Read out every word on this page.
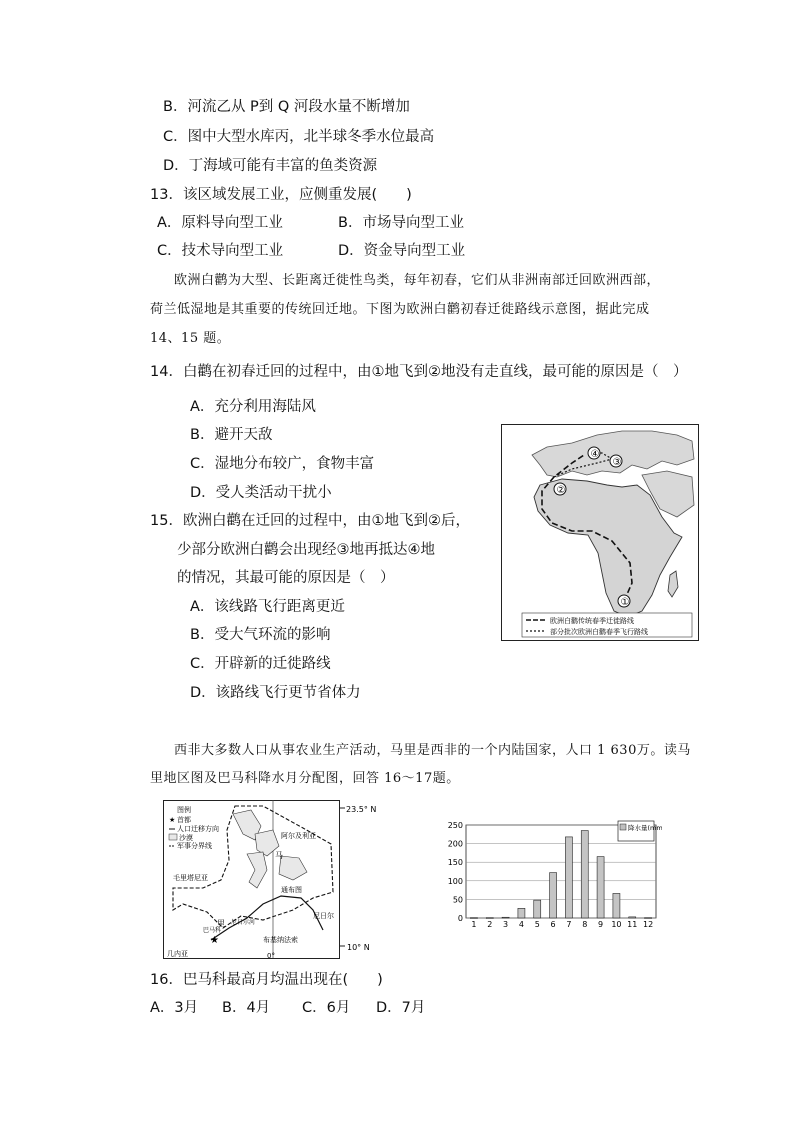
B．河流乙从 P到 Q 河段水量不断增加
C．图中大型水库丙，北半球冬季水位最高
D．丁海域可能有丰富的鱼类资源
13．该区域发展工业，应侧重发展(　　)
A．原料导向型工业	B．市场导向型工业
C．技术导向型工业	D．资金导向型工业
欧洲白鹳为大型、长距离迁徙性鸟类，每年初春，它们从非洲南部迁回欧洲西部，
荷兰低湿地是其重要的传统回迁地。下图为欧洲白鹳初春迁徙路线示意图，据此完成
14、15 题。
14．白鹳在初春迁回的过程中，由①地飞到②地没有走直线，最可能的原因是（　）
A．充分利用海陆风
B．避开天敌
C．湿地分布较广，食物丰富
D．受人类活动干扰小
15．欧洲白鹳在迁回的过程中，由①地飞到②后，
少部分欧洲白鹳会出现经③地再抵达④地
的情况，其最可能的原因是（　）
A．该线路飞行距离更近
B．受大气环流的影响
C．开辟新的迁徙路线
D．该路线飞行更节省体力
①
②
③
④
欧洲白鹳传统春季迁徙路线
部分批次欧洲白鹳春季飞行路线
西非大多数人口从事农业生产活动，马里是西非的一个内陆国家，人口 1 630万。读马
里地区图及巴马科降水月分配图，回答 16～17题。
23.5° N
10° N
0°
★
图例
★ 首都
人口迁移方向
沙漠
军事分界线
阿尔及利亚
毛里塔尼亚
马
里
通布图
尼日尔
巴马科
尼日尔河
布基纳法索
几内亚
0
50
100
150
200
250
1 2 3 4 5 6 7 8 9 10 11 12
降水量(mm)
16．巴马科最高月均温出现在(　　)
A．3月 B．4月 C．6月 D．7月
